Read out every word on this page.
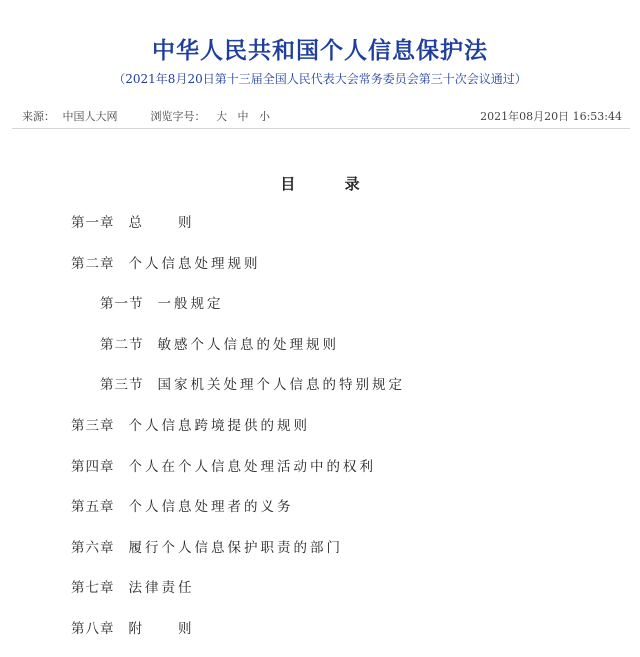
中华人民共和国个人信息保护法
（2021年8月20日第十三届全国人民代表大会常务委员会第三十次会议通过）
来源： 中国人大网	浏览字号： 大 中 小	2021年08月20日 16:53:44
目 录
第一章 总　　则
第二章 个人信息处理规则
第一节 一般规定
第二节 敏感个人信息的处理规则
第三节 国家机关处理个人信息的特别规定
第三章 个人信息跨境提供的规则
第四章 个人在个人信息处理活动中的权利
第五章 个人信息处理者的义务
第六章 履行个人信息保护职责的部门
第七章 法律责任
第八章 附　　则
